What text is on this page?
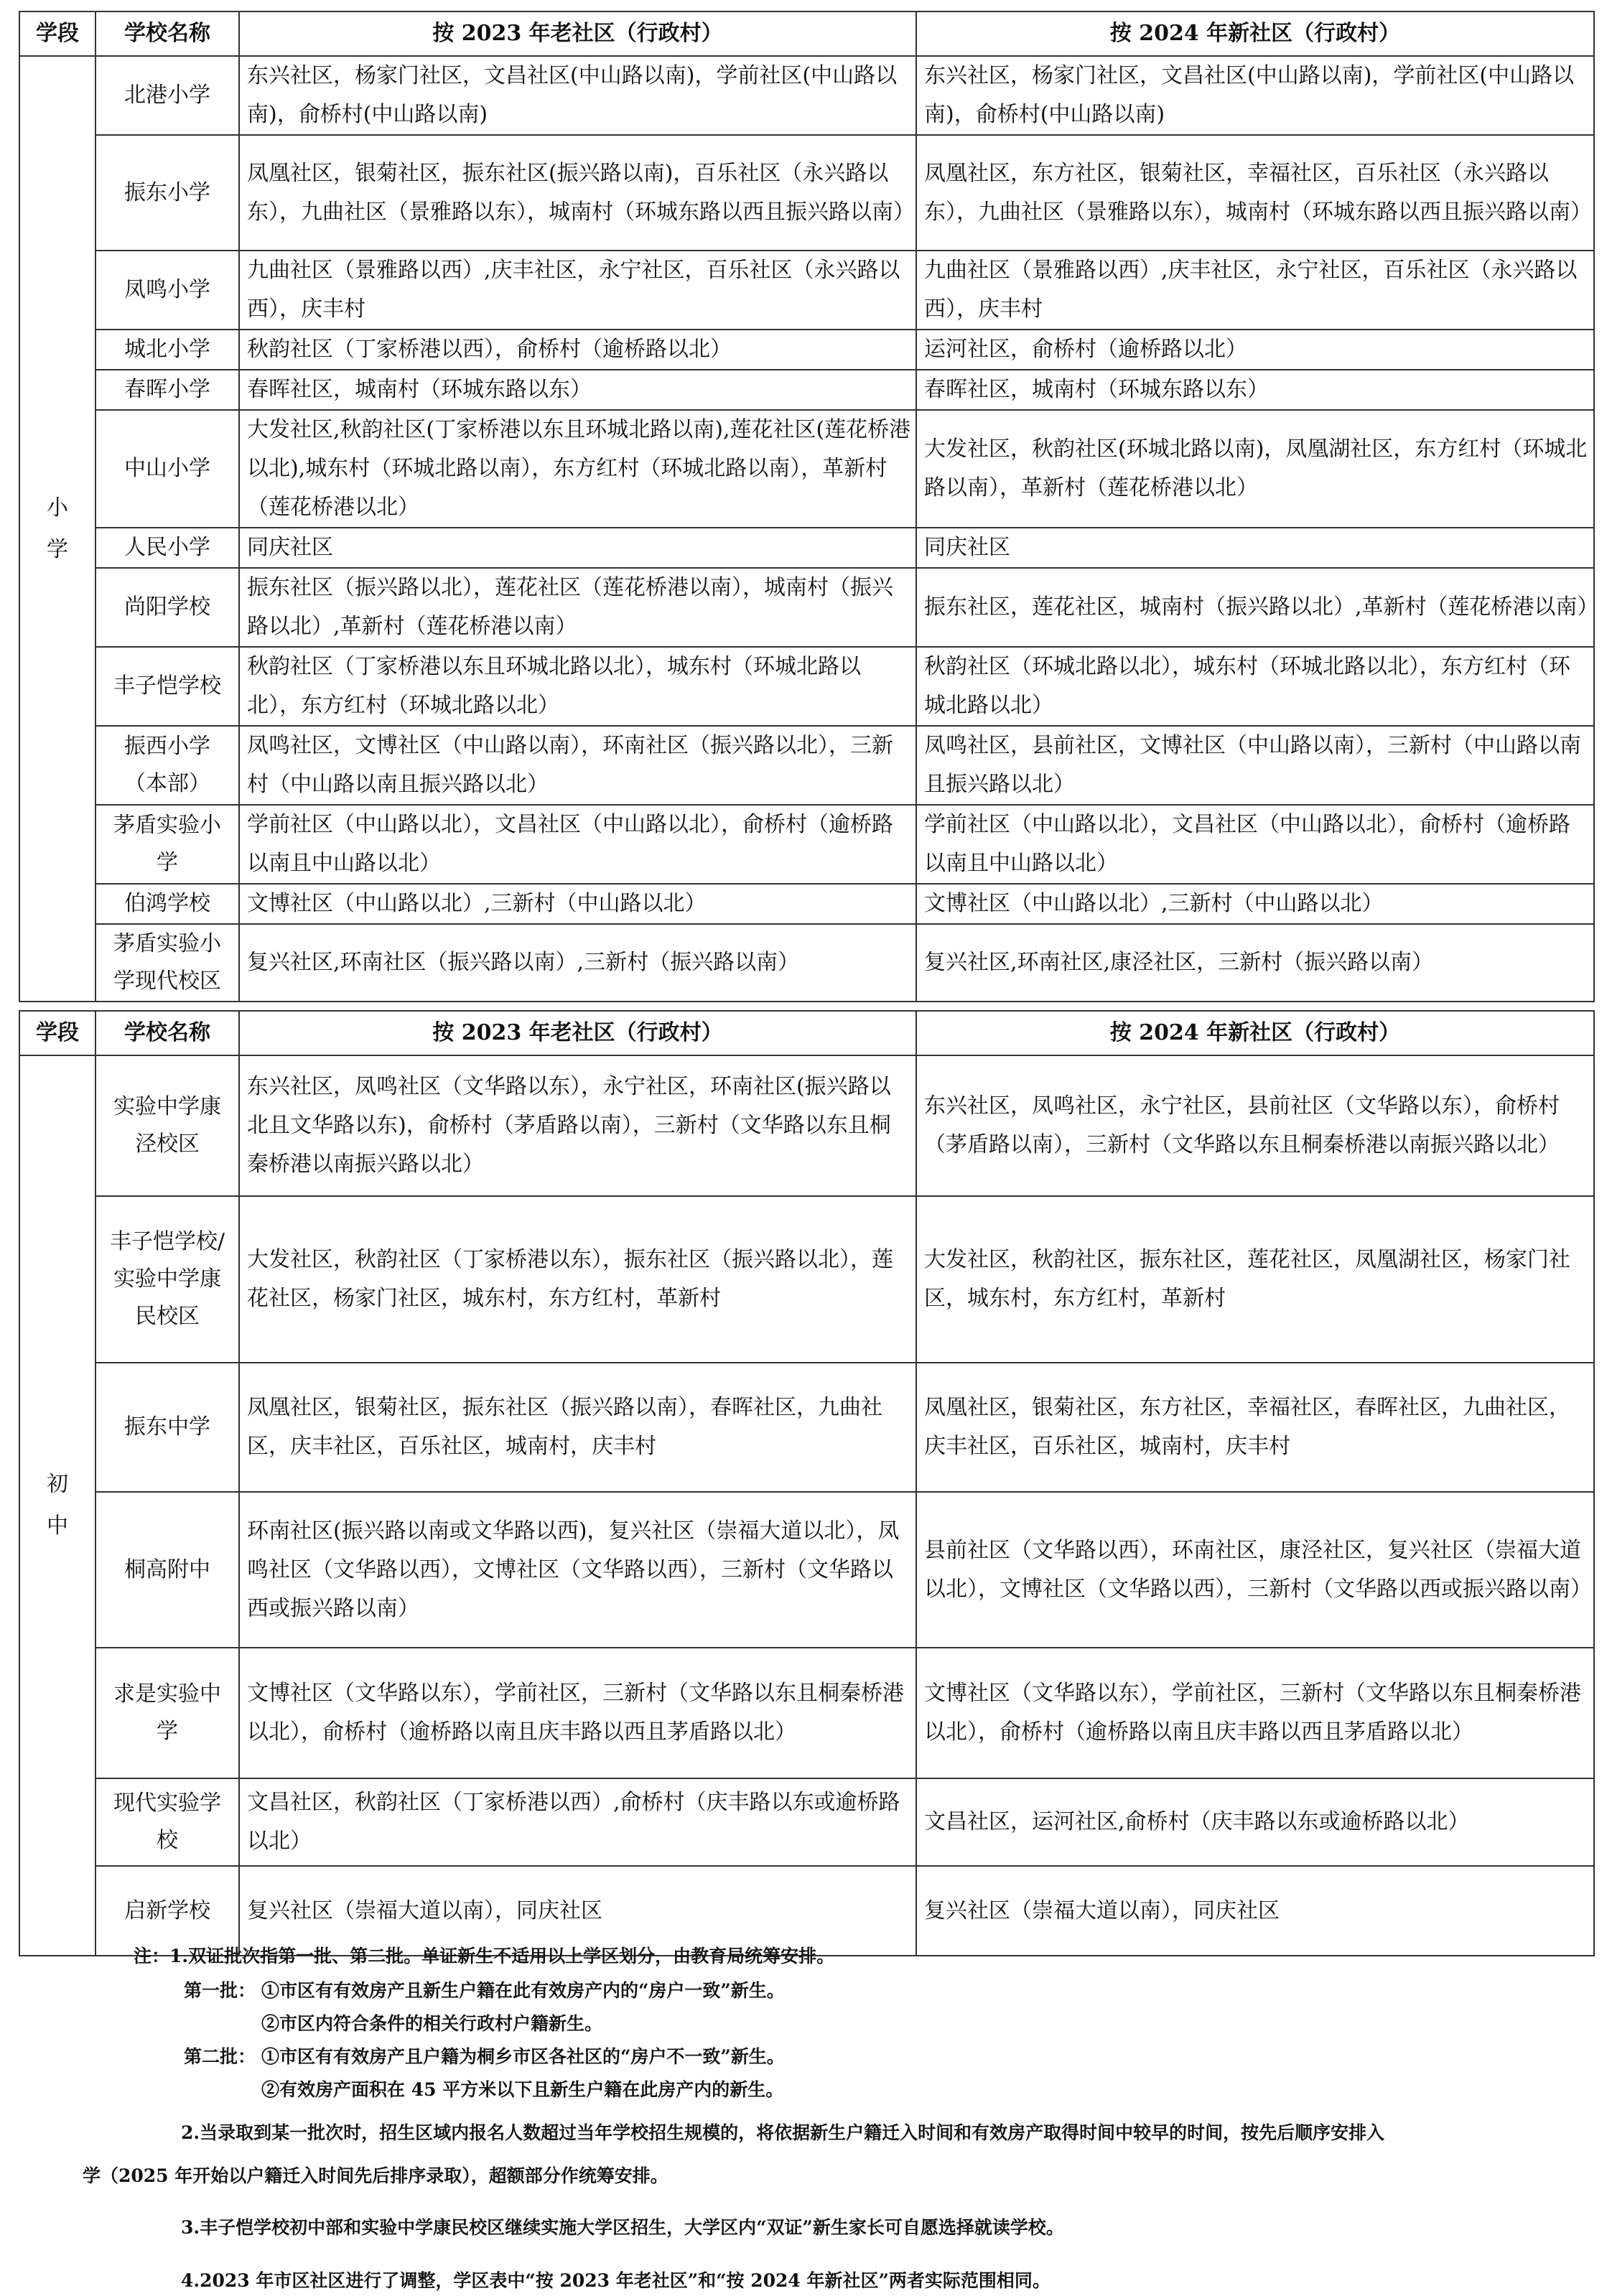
学段	学校名称	按 2023 年老社区（行政村）	按 2024 年新社区（行政村）
小学	北港小学	东兴社区，杨家门社区，文昌社区(中山路以南)，学前社区(中山路以南)，俞桥村(中山路以南)	东兴社区，杨家门社区，文昌社区(中山路以南)，学前社区(中山路以南)，俞桥村(中山路以南)
	振东小学	凤凰社区，银菊社区，振东社区(振兴路以南)，百乐社区（永兴路以东），九曲社区（景雅路以东），城南村（环城东路以西且振兴路以南）	凤凰社区，东方社区，银菊社区，幸福社区，百乐社区（永兴路以东），九曲社区（景雅路以东），城南村（环城东路以西且振兴路以南）
	凤鸣小学	九曲社区（景雅路以西）,庆丰社区，永宁社区，百乐社区（永兴路以西），庆丰村	九曲社区（景雅路以西）,庆丰社区，永宁社区，百乐社区（永兴路以西），庆丰村
	城北小学	秋韵社区（丁家桥港以西），俞桥村（逾桥路以北）	运河社区，俞桥村（逾桥路以北）
	春晖小学	春晖社区，城南村（环城东路以东）	春晖社区，城南村（环城东路以东）
	中山小学	大发社区,秋韵社区(丁家桥港以东且环城北路以南),莲花社区(莲花桥港以北),城东村（环城北路以南），东方红村（环城北路以南），革新村（莲花桥港以北）	大发社区，秋韵社区(环城北路以南)，凤凰湖社区，东方红村（环城北路以南），革新村（莲花桥港以北）
	人民小学	同庆社区	同庆社区
	尚阳学校	振东社区（振兴路以北），莲花社区（莲花桥港以南），城南村（振兴路以北）,革新村（莲花桥港以南）	振东社区，莲花社区，城南村（振兴路以北）,革新村（莲花桥港以南）
	丰子恺学校	秋韵社区（丁家桥港以东且环城北路以北），城东村（环城北路以北），东方红村（环城北路以北）	秋韵社区（环城北路以北），城东村（环城北路以北），东方红村（环城北路以北）
	振西小学（本部）	凤鸣社区，文博社区（中山路以南），环南社区（振兴路以北），三新村（中山路以南且振兴路以北）	凤鸣社区，县前社区，文博社区（中山路以南），三新村（中山路以南且振兴路以北）
	茅盾实验小学	学前社区（中山路以北），文昌社区（中山路以北），俞桥村（逾桥路以南且中山路以北）	学前社区（中山路以北），文昌社区（中山路以北），俞桥村（逾桥路以南且中山路以北）
	伯鸿学校	文博社区（中山路以北）,三新村（中山路以北）	文博社区（中山路以北）,三新村（中山路以北）
	茅盾实验小学现代校区	复兴社区,环南社区（振兴路以南）,三新村（振兴路以南）	复兴社区,环南社区,康泾社区，三新村（振兴路以南）
学段	学校名称	按 2023 年老社区（行政村）	按 2024 年新社区（行政村）
初中	实验中学康泾校区	东兴社区，凤鸣社区（文华路以东），永宁社区，环南社区(振兴路以北且文华路以东)，俞桥村（茅盾路以南），三新村（文华路以东且桐秦桥港以南振兴路以北）	东兴社区，凤鸣社区，永宁社区，县前社区（文华路以东），俞桥村（茅盾路以南），三新村（文华路以东且桐秦桥港以南振兴路以北）
	丰子恺学校/实验中学康民校区	大发社区，秋韵社区（丁家桥港以东），振东社区（振兴路以北），莲花社区，杨家门社区，城东村，东方红村，革新村	大发社区，秋韵社区，振东社区，莲花社区，凤凰湖社区，杨家门社区，城东村，东方红村，革新村
	振东中学	凤凰社区，银菊社区，振东社区（振兴路以南），春晖社区，九曲社区，庆丰社区，百乐社区，城南村，庆丰村	凤凰社区，银菊社区，东方社区，幸福社区，春晖社区，九曲社区，庆丰社区，百乐社区，城南村，庆丰村
	桐高附中	环南社区(振兴路以南或文华路以西)，复兴社区（崇福大道以北），凤鸣社区（文华路以西），文博社区（文华路以西），三新村（文华路以西或振兴路以南）	县前社区（文华路以西），环南社区，康泾社区，复兴社区（崇福大道以北），文博社区（文华路以西），三新村（文华路以西或振兴路以南）
	求是实验中学	文博社区（文华路以东），学前社区，三新村（文华路以东且桐秦桥港以北），俞桥村（逾桥路以南且庆丰路以西且茅盾路以北）	文博社区（文华路以东），学前社区，三新村（文华路以东且桐秦桥港以北），俞桥村（逾桥路以南且庆丰路以西且茅盾路以北）
	现代实验学校	文昌社区，秋韵社区（丁家桥港以西）,俞桥村（庆丰路以东或逾桥路以北）	文昌社区，运河社区,俞桥村（庆丰路以东或逾桥路以北）
	启新学校	复兴社区（崇福大道以南），同庆社区	复兴社区（崇福大道以南），同庆社区
注：1.双证批次指第一批、第二批。单证新生不适用以上学区划分，由教育局统筹安排。
第一批： ①市区有有效房产且新生户籍在此有效房产内的“房户一致”新生。
②市区内符合条件的相关行政村户籍新生。
第二批： ①市区有有效房产且户籍为桐乡市区各社区的“房户不一致”新生。
②有效房产面积在 45 平方米以下且新生户籍在此房产内的新生。
2.当录取到某一批次时，招生区域内报名人数超过当年学校招生规模的，将依据新生户籍迁入时间和有效房产取得时间中较早的时间，按先后顺序安排入
学（2025 年开始以户籍迁入时间先后排序录取），超额部分作统筹安排。
3.丰子恺学校初中部和实验中学康民校区继续实施大学区招生，大学区内“双证”新生家长可自愿选择就读学校。
4.2023 年市区社区进行了调整，学区表中“按 2023 年老社区”和“按 2024 年新社区”两者实际范围相同。
